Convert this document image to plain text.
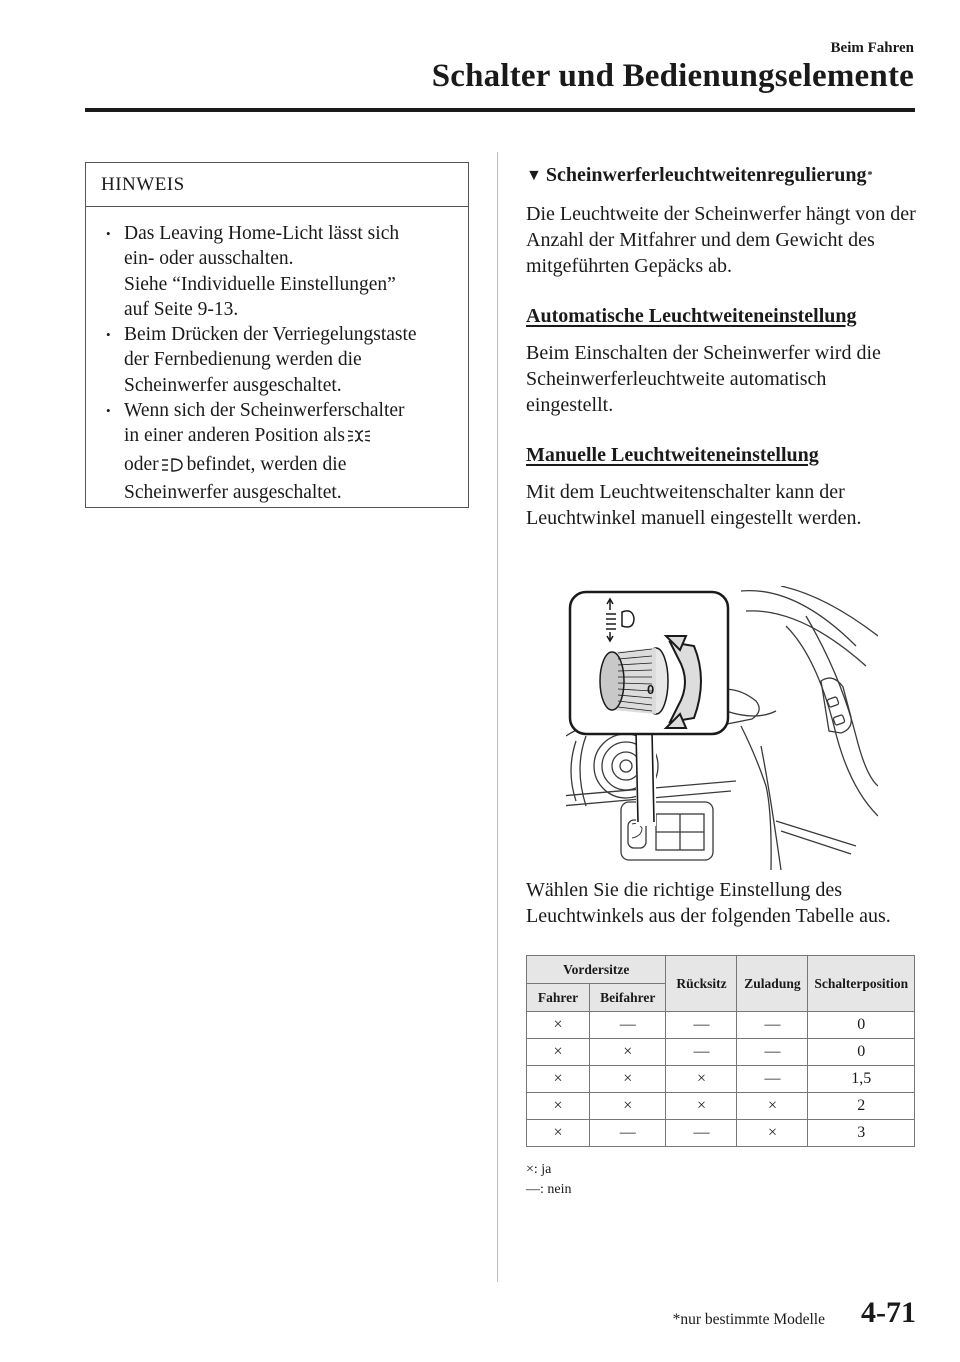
Beim Fahren
Schalter und Bedienungselemente
HINWEIS
• Das Leaving Home-Licht lässt sich
ein- oder ausschalten.
Siehe “Individuelle Einstellungen”
auf Seite 9-13.
• Beim Drücken der Verriegelungstaste
der Fernbedienung werden die
Scheinwerfer ausgeschaltet.
• Wenn sich der Scheinwerferschalter
in einer anderen Position als
oder befindet, werden die
Scheinwerfer ausgeschaltet.
▼ Scheinwerferleuchtweitenregulierung *

Die Leuchtweite der Scheinwerfer hängt von der Anzahl der Mitfahrer und dem Gewicht des mitgeführten Gepäcks ab.

Automatische Leuchtweiteneinstellung

Beim Einschalten der Scheinwerfer wird die Scheinwerferleuchtweite automatisch eingestellt.

Manuelle Leuchtweiteneinstellung

Mit dem Leuchtweitenschalter kann der Leuchtwinkel manuell eingestellt werden.

0
Wählen Sie die richtige Einstellung des Leuchtwinkels aus der folgenden Tabelle aus.
Vordersitze		Rücksitz	Zuladung	Schalterposition
Fahrer	Beifahrer			
×	—	—	—	0
×	×	—	—	0
×	×	×	—	1,5
×	×	×	×	2
×	—	—	×	3
×: ja
—: nein
*nur bestimmte Modelle 4-71
